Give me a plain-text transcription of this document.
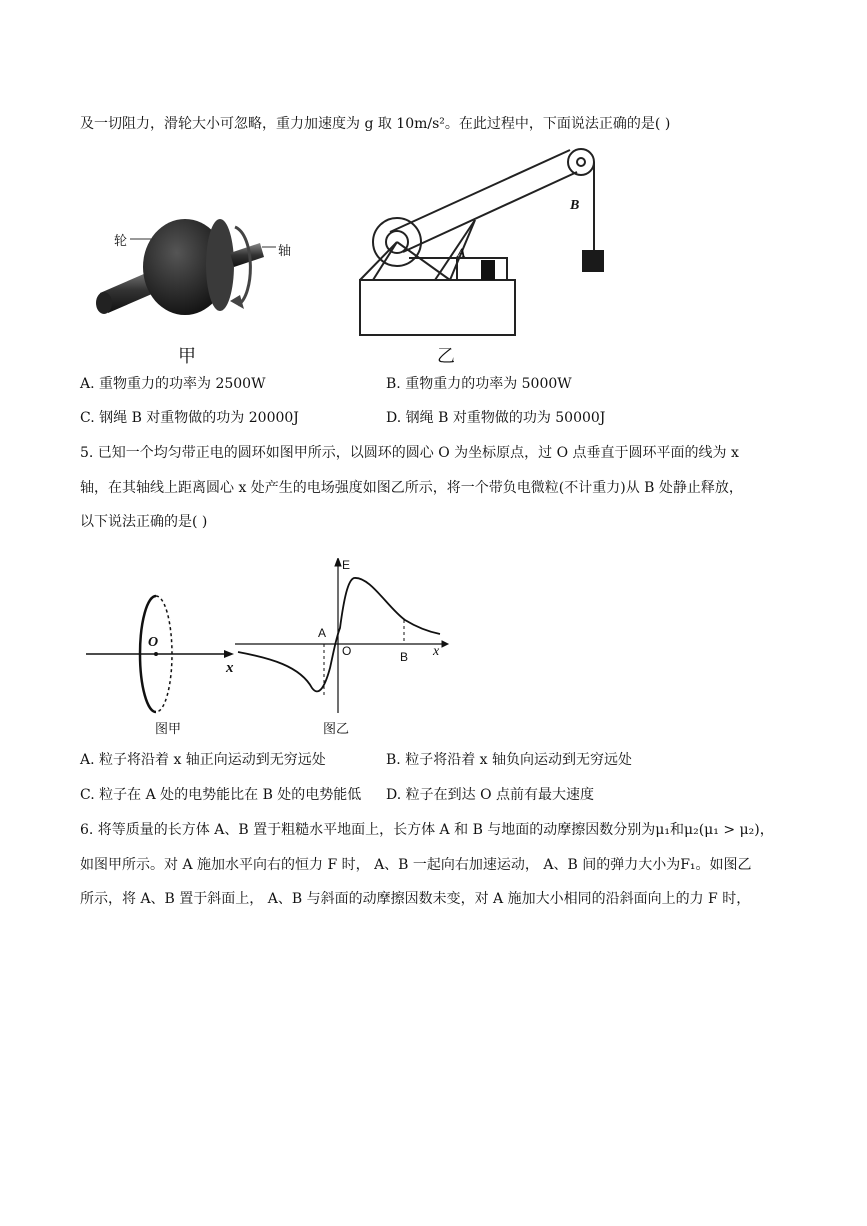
及一切阻力，滑轮大小可忽略，重力加速度为 g 取 10m/s²。在此过程中，下面说法正确的是( )
轮
轴
甲
A
B
乙
A. 重物重力的功率为 2500W	B. 重物重力的功率为 5000W
C. 钢绳 B 对重物做的功为 20000J	D. 钢绳 B 对重物做的功为 50000J
5. 已知一个均匀带正电的圆环如图甲所示，以圆环的圆心 O 为坐标原点，过 O 点垂直于圆环平面的线为 x
轴，在其轴线上距离圆心 x 处产生的电场强度如图乙所示，将一个带负电微粒(不计重力)从 B 处静止释放，
以下说法正确的是( )
O
x
图甲
E
A
O	B x
图乙
A. 粒子将沿着 x 轴正向运动到无穷远处	B. 粒子将沿着 x 轴负向运动到无穷远处
C. 粒子在 A 处的电势能比在 B 处的电势能低 D. 粒子在到达 O 点前有最大速度
6. 将等质量的长方体 A、B 置于粗糙水平地面上，长方体 A 和 B 与地面的动摩擦因数分别为μ₁和μ₂(μ₁ > μ₂)，
如图甲所示。对 A 施加水平向右的恒力 F 时， A、B 一起向右加速运动， A、B 间的弹力大小为F₁。如图乙
所示，将 A、B 置于斜面上， A、B 与斜面的动摩擦因数未变，对 A 施加大小相同的沿斜面向上的力 F 时，
